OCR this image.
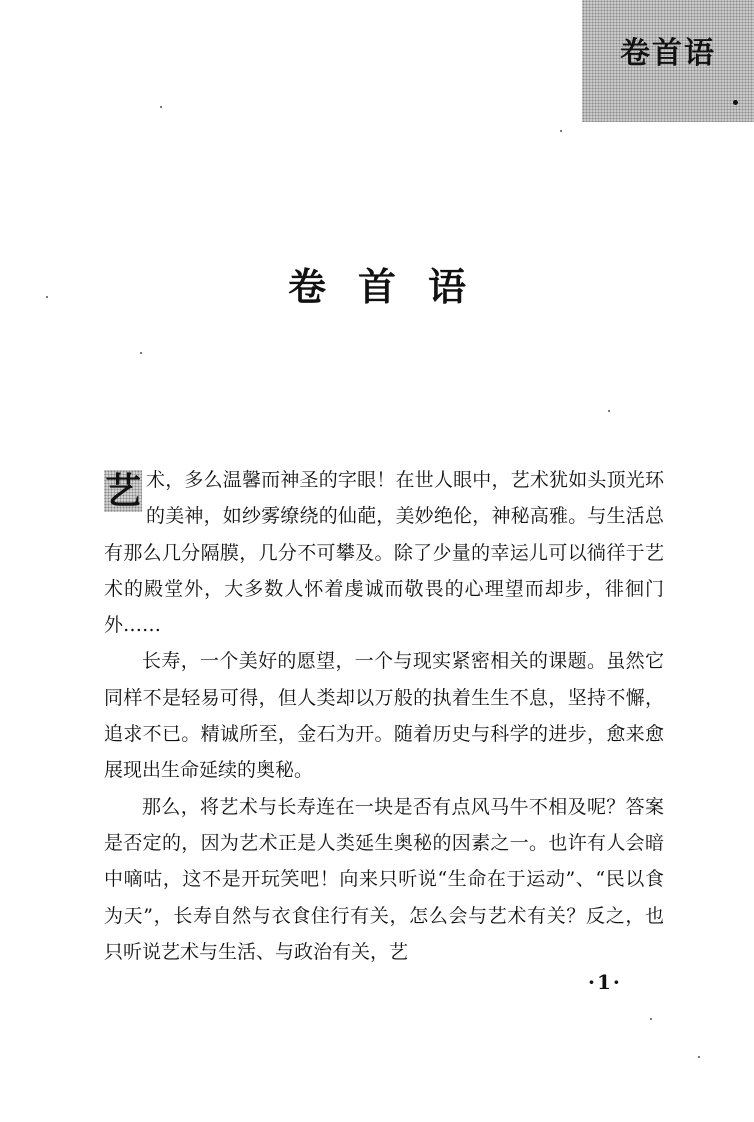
卷首语
卷首语

艺 术，多么温馨而神圣的字眼！在世人眼中，艺术犹如头顶光环的美神，如纱雾缭绕的仙葩，美妙绝伦，神秘高雅。与生活总有那么几分隔膜，几分不可攀及。除了少量的幸运儿可以徜徉于艺术的殿堂外，大多数人怀着虔诚而敬畏的心理望而却步，徘徊门外……

长寿，一个美好的愿望，一个与现实紧密相关的课题。虽然它同样不是轻易可得，但人类却以万般的执着生生不息，坚持不懈，追求不已。精诚所至，金石为开。随着历史与科学的进步，愈来愈展现出生命延续的奥秘。

那么，将艺术与长寿连在一块是否有点风马牛不相及呢？答案是否定的，因为艺术正是人类延生奥秘的因素之一。也许有人会暗中嘀咕，这不是开玩笑吧！向来只听说“生命在于运动”、“民以食为天”，长寿自然与衣食住行有关，怎么会与艺术有关？反之，也只听说艺术与生活、与政治有关，艺

·1·
